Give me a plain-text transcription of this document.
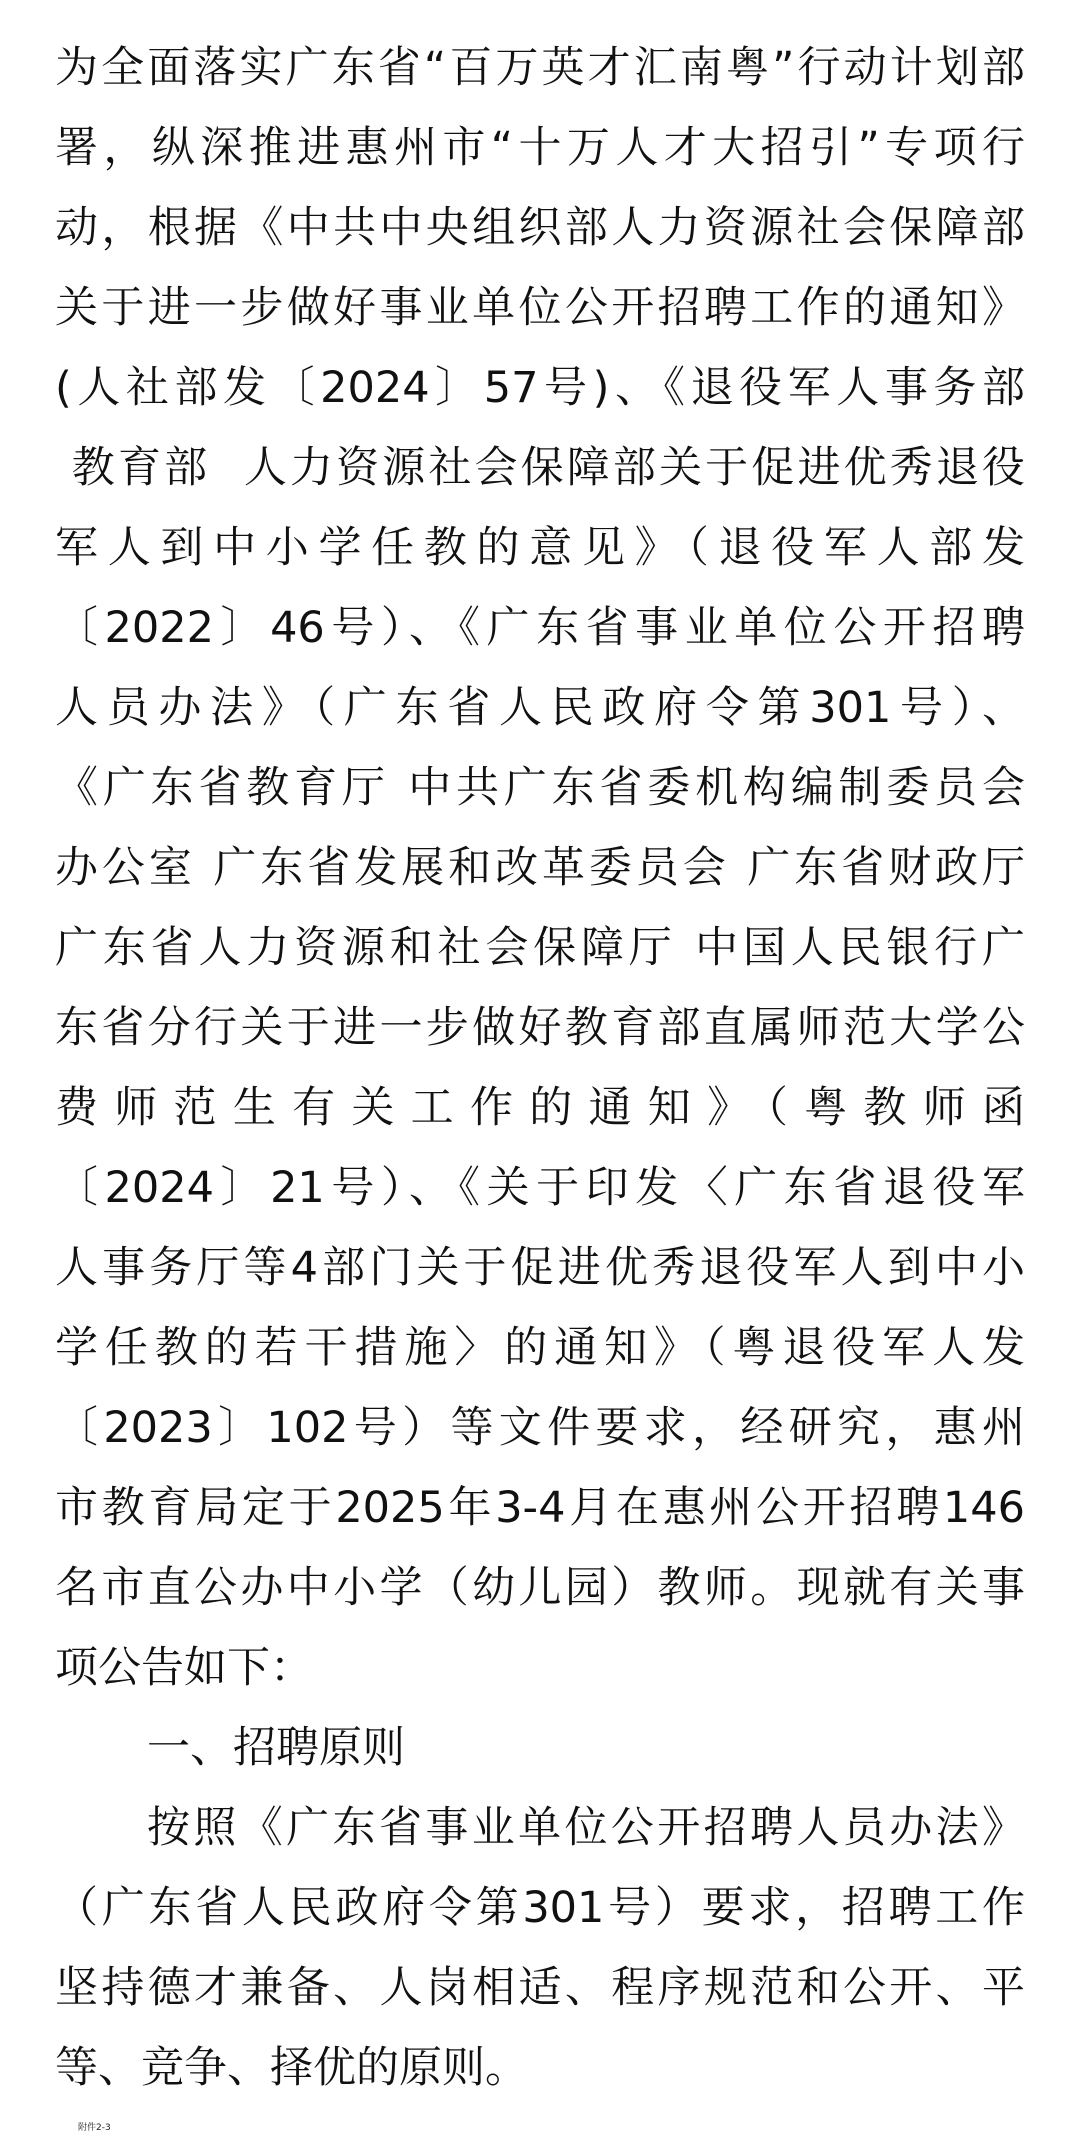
为全面落实广东省“百万英才汇南粤”行动计划部
署，纵深推进惠州市“十万人才大招引”专项行
动，根据《中共中央组织部人力资源社会保障部
关于进一步做好事业单位公开招聘工作的通知》
(人社部发〔2024〕57号)、《退役军人事务部
教育部  人力资源社会保障部关于促进优秀退役
军人到中小学任教的意见》（退役军人部发
〔2022〕46号）、《广东省事业单位公开招聘
人员办法》（广东省人民政府令第301号）、
《广东省教育厅 中共广东省委机构编制委员会
办公室 广东省发展和改革委员会 广东省财政厅
广东省人力资源和社会保障厅 中国人民银行广
东省分行关于进一步做好教育部直属师范大学公
费师范生有关工作的通知》（粤教师函
〔2024〕21号）、《关于印发〈广东省退役军
人事务厅等4部门关于促进优秀退役军人到中小
学任教的若干措施〉的通知》（粤退役军人发
〔2023〕102号）等文件要求，经研究，惠州
市教育局定于2025年3-4月在惠州公开招聘146
名市直公办中小学（幼儿园）教师。现就有关事
项公告如下：
一、招聘原则
按照《广东省事业单位公开招聘人员办法》
（广东省人民政府令第301号）要求，招聘工作
坚持德才兼备、人岗相适、程序规范和公开、平
等、竞争、择优的原则。
附件2-3
